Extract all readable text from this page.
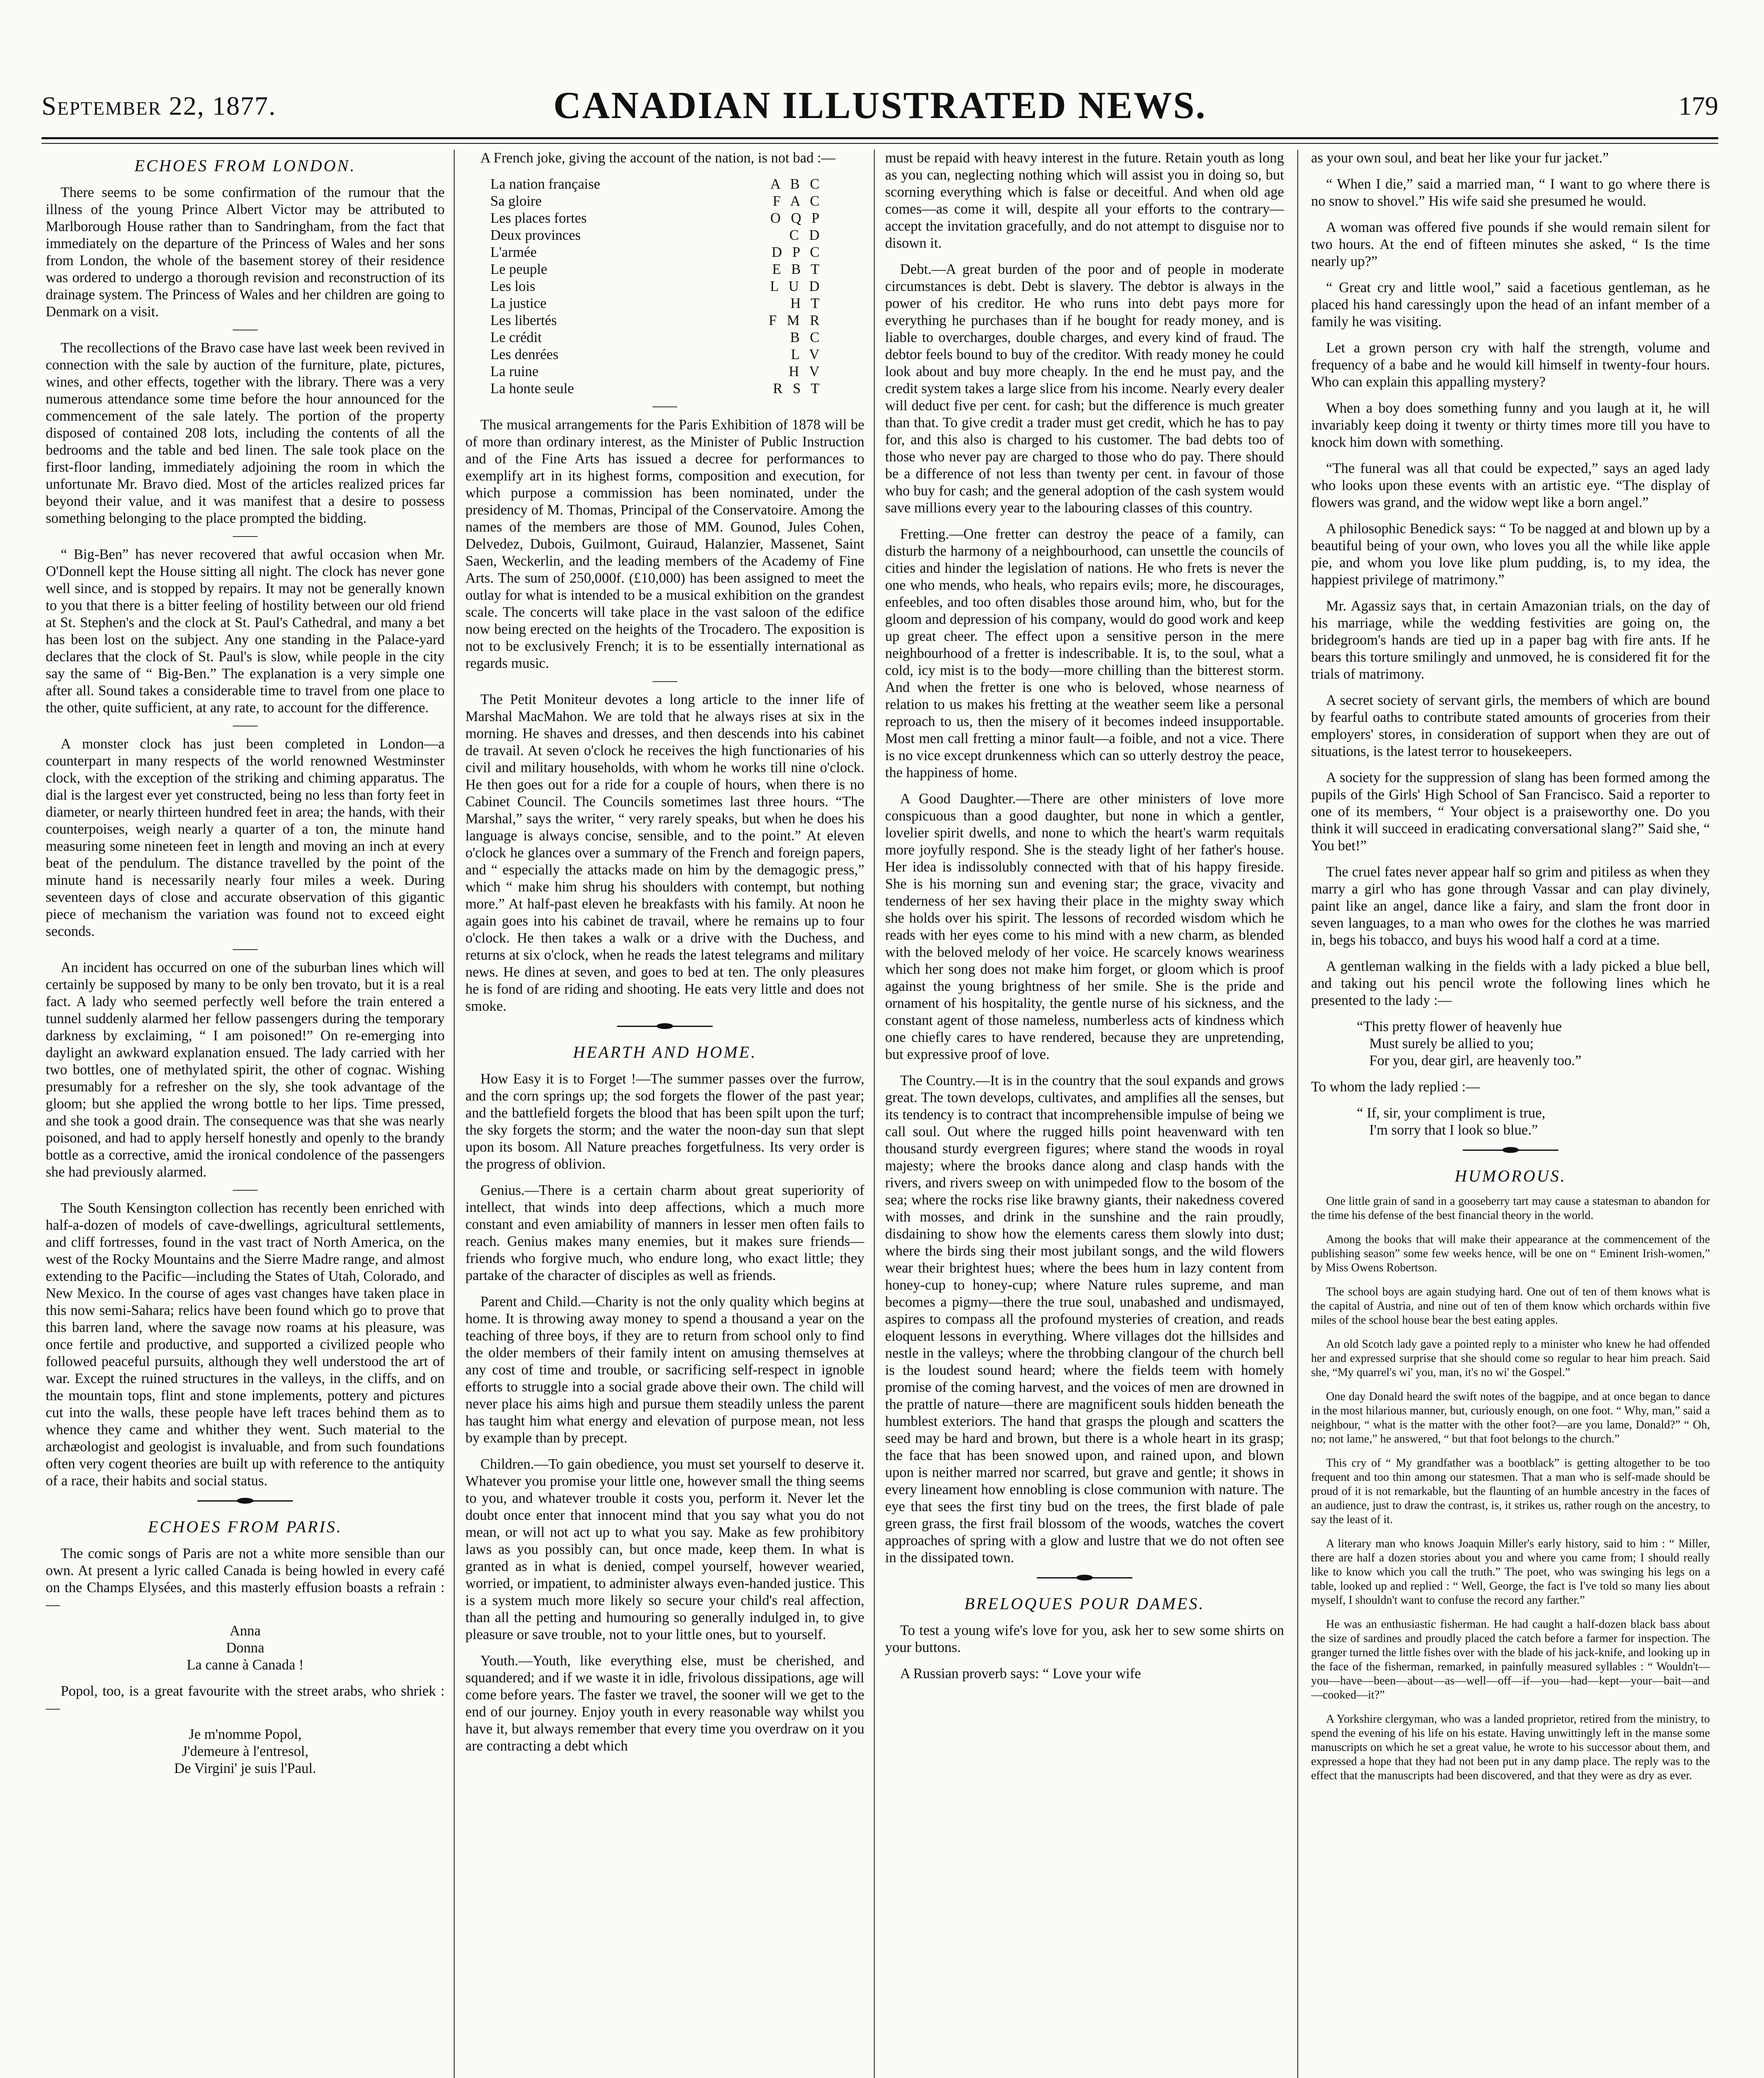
September 22, 1877.	CANADIAN ILLUSTRATED NEWS.	179
ECHOES FROM LONDON.

There seems to be some confirmation of the rumour that the illness of the young Prince Albert Victor may be attributed to Marlborough House rather than to Sandringham, from the fact that immediately on the departure of the Princess of Wales and her sons from London, the whole of the basement storey of their residence was ordered to undergo a thorough revision and reconstruction of its drainage system. The Princess of Wales and her children are going to Denmark on a visit.

The recollections of the Bravo case have last week been revived in connection with the sale by auction of the furniture, plate, pictures, wines, and other effects, together with the library. There was a very numerous attendance some time before the hour announced for the commencement of the sale lately. The portion of the property disposed of contained 208 lots, including the contents of all the bedrooms and the table and bed linen. The sale took place on the first-floor landing, immediately adjoining the room in which the unfortunate Mr. Bravo died. Most of the articles realized prices far beyond their value, and it was manifest that a desire to possess something belonging to the place prompted the bidding.

“ Big-Ben” has never recovered that awful occasion when Mr. O'Donnell kept the House sitting all night. The clock has never gone well since, and is stopped by repairs. It may not be generally known to you that there is a bitter feeling of hostility between our old friend at St. Stephen's and the clock at St. Paul's Cathedral, and many a bet has been lost on the subject. Any one standing in the Palace-yard declares that the clock of St. Paul's is slow, while people in the city say the same of “ Big-Ben.” The explanation is a very simple one after all. Sound takes a considerable time to travel from one place to the other, quite sufficient, at any rate, to account for the difference.

A monster clock has just been completed in London—a counterpart in many respects of the world renowned Westminster clock, with the exception of the striking and chiming apparatus. The dial is the largest ever yet constructed, being no less than forty feet in diameter, or nearly thirteen hundred feet in area; the hands, with their counterpoises, weigh nearly a quarter of a ton, the minute hand measuring some nineteen feet in length and moving an inch at every beat of the pendulum. The distance travelled by the point of the minute hand is necessarily nearly four miles a week. During seventeen days of close and accurate observation of this gigantic piece of mechanism the variation was found not to exceed eight seconds.

An incident has occurred on one of the suburban lines which will certainly be supposed by many to be only ben trovato, but it is a real fact. A lady who seemed perfectly well before the train entered a tunnel suddenly alarmed her fellow passengers during the temporary darkness by exclaiming, “ I am poisoned!” On re-emerging into daylight an awkward explanation ensued. The lady carried with her two bottles, one of methylated spirit, the other of cognac. Wishing presumably for a refresher on the sly, she took advantage of the gloom; but she applied the wrong bottle to her lips. Time pressed, and she took a good drain. The consequence was that she was nearly poisoned, and had to apply herself honestly and openly to the brandy bottle as a corrective, amid the ironical condolence of the passengers she had previously alarmed.

The South Kensington collection has recently been enriched with half-a-dozen of models of cave-dwellings, agricultural settlements, and cliff fortresses, found in the vast tract of North America, on the west of the Rocky Mountains and the Sierre Madre range, and almost extending to the Pacific—including the States of Utah, Colorado, and New Mexico. In the course of ages vast changes have taken place in this now semi-Sahara; relics have been found which go to prove that this barren land, where the savage now roams at his pleasure, was once fertile and productive, and supported a civilized people who followed peaceful pursuits, although they well understood the art of war. Except the ruined structures in the valleys, in the cliffs, and on the mountain tops, flint and stone implements, pottery and pictures cut into the walls, these people have left traces behind them as to whence they came and whither they went. Such material to the archæologist and geologist is invaluable, and from such foundations often very cogent theories are built up with reference to the antiquity of a race, their habits and social status.

ECHOES FROM PARIS.

The comic songs of Paris are not a white more sensible than our own. At present a lyric called Canada is being howled in every café on the Champs Elysées, and this masterly effusion boasts a refrain :—

Anna
Donna
La canne à Canada !

Popol, too, is a great favourite with the street arabs, who shriek :—

Je m'nomme Popol,
J'demeure à l'entresol,
De Virgini' je suis l'Paul.

A French joke, giving the account of the nation, is not bad :—

La nation française	A B C
Sa gloire	F A C
Les places fortes	O Q P
Deux provinces	C D
L'armée	D P C
Le peuple	E B T
Les lois	L U D
La justice	H T
Les libertés	F M R
Le crédit	B C
Les denrées	L V
La ruine	H V
La honte seule	R S T

The musical arrangements for the Paris Exhibition of 1878 will be of more than ordinary interest, as the Minister of Public Instruction and of the Fine Arts has issued a decree for performances to exemplify art in its highest forms, composition and execution, for which purpose a commission has been nominated, under the presidency of M. Thomas, Principal of the Conservatoire. Among the names of the members are those of MM. Gounod, Jules Cohen, Delvedez, Dubois, Guilmont, Guiraud, Halanzier, Massenet, Saint Saen, Weckerlin, and the leading members of the Academy of Fine Arts. The sum of 250,000f. (£10,000) has been assigned to meet the outlay for what is intended to be a musical exhibition on the grandest scale. The concerts will take place in the vast saloon of the edifice now being erected on the heights of the Trocadero. The exposition is not to be exclusively French; it is to be essentially international as regards music.

The Petit Moniteur devotes a long article to the inner life of Marshal MacMahon. We are told that he always rises at six in the morning. He shaves and dresses, and then descends into his cabinet de travail. At seven o'clock he receives the high functionaries of his civil and military households, with whom he works till nine o'clock. He then goes out for a ride for a couple of hours, when there is no Cabinet Council. The Councils sometimes last three hours. “The Marshal,” says the writer, “ very rarely speaks, but when he does his language is always concise, sensible, and to the point.” At eleven o'clock he glances over a summary of the French and foreign papers, and “ especially the attacks made on him by the demagogic press,” which “ make him shrug his shoulders with contempt, but nothing more.” At half-past eleven he breakfasts with his family. At noon he again goes into his cabinet de travail, where he remains up to four o'clock. He then takes a walk or a drive with the Duchess, and returns at six o'clock, when he reads the latest telegrams and military news. He dines at seven, and goes to bed at ten. The only pleasures he is fond of are riding and shooting. He eats very little and does not smoke.

HEARTH AND HOME.

How Easy it is to Forget !—The summer passes over the furrow, and the corn springs up; the sod forgets the flower of the past year; and the battlefield forgets the blood that has been spilt upon the turf; the sky forgets the storm; and the water the noon-day sun that slept upon its bosom. All Nature preaches forgetfulness. Its very order is the progress of oblivion.

Genius.—There is a certain charm about great superiority of intellect, that winds into deep affections, which a much more constant and even amiability of manners in lesser men often fails to reach. Genius makes many enemies, but it makes sure friends—friends who forgive much, who endure long, who exact little; they partake of the character of disciples as well as friends.

Parent and Child.—Charity is not the only quality which begins at home. It is throwing away money to spend a thousand a year on the teaching of three boys, if they are to return from school only to find the older members of their family intent on amusing themselves at any cost of time and trouble, or sacrificing self-respect in ignoble efforts to struggle into a social grade above their own. The child will never place his aims high and pursue them steadily unless the parent has taught him what energy and elevation of purpose mean, not less by example than by precept.

Children.—To gain obedience, you must set yourself to deserve it. Whatever you promise your little one, however small the thing seems to you, and whatever trouble it costs you, perform it. Never let the doubt once enter that innocent mind that you say what you do not mean, or will not act up to what you say. Make as few prohibitory laws as you possibly can, but once made, keep them. In what is granted as in what is denied, compel yourself, however wearied, worried, or impatient, to administer always even-handed justice. This is a system much more likely so secure your child's real affection, than all the petting and humouring so generally indulged in, to give pleasure or save trouble, not to your little ones, but to yourself.

Youth.—Youth, like everything else, must be cherished, and squandered; and if we waste it in idle, frivolous dissipations, age will come before years. The faster we travel, the sooner will we get to the end of our journey. Enjoy youth in every reasonable way whilst you have it, but always remember that every time you overdraw on it you are contracting a debt which

must be repaid with heavy interest in the future. Retain youth as long as you can, neglecting nothing which will assist you in doing so, but scorning everything which is false or deceitful. And when old age comes—as come it will, despite all your efforts to the contrary—accept the invitation gracefully, and do not attempt to disguise nor to disown it.

Debt.—A great burden of the poor and of people in moderate circumstances is debt. Debt is slavery. The debtor is always in the power of his creditor. He who runs into debt pays more for everything he purchases than if he bought for ready money, and is liable to overcharges, double charges, and every kind of fraud. The debtor feels bound to buy of the creditor. With ready money he could look about and buy more cheaply. In the end he must pay, and the credit system takes a large slice from his income. Nearly every dealer will deduct five per cent. for cash; but the difference is much greater than that. To give credit a trader must get credit, which he has to pay for, and this also is charged to his customer. The bad debts too of those who never pay are charged to those who do pay. There should be a difference of not less than twenty per cent. in favour of those who buy for cash; and the general adoption of the cash system would save millions every year to the labouring classes of this country.

Fretting.—One fretter can destroy the peace of a family, can disturb the harmony of a neighbourhood, can unsettle the councils of cities and hinder the legislation of nations. He who frets is never the one who mends, who heals, who repairs evils; more, he discourages, enfeebles, and too often disables those around him, who, but for the gloom and depression of his company, would do good work and keep up great cheer. The effect upon a sensitive person in the mere neighbourhood of a fretter is indescribable. It is, to the soul, what a cold, icy mist is to the body—more chilling than the bitterest storm. And when the fretter is one who is beloved, whose nearness of relation to us makes his fretting at the weather seem like a personal reproach to us, then the misery of it becomes indeed insupportable. Most men call fretting a minor fault—a foible, and not a vice. There is no vice except drunkenness which can so utterly destroy the peace, the happiness of home.

A Good Daughter.—There are other ministers of love more conspicuous than a good daughter, but none in which a gentler, lovelier spirit dwells, and none to which the heart's warm requitals more joyfully respond. She is the steady light of her father's house. Her idea is indissolubly connected with that of his happy fireside. She is his morning sun and evening star; the grace, vivacity and tenderness of her sex having their place in the mighty sway which she holds over his spirit. The lessons of recorded wisdom which he reads with her eyes come to his mind with a new charm, as blended with the beloved melody of her voice. He scarcely knows weariness which her song does not make him forget, or gloom which is proof against the young brightness of her smile. She is the pride and ornament of his hospitality, the gentle nurse of his sickness, and the constant agent of those nameless, numberless acts of kindness which one chiefly cares to have rendered, because they are unpretending, but expressive proof of love.

The Country.—It is in the country that the soul expands and grows great. The town develops, cultivates, and amplifies all the senses, but its tendency is to contract that incomprehensible impulse of being we call soul. Out where the rugged hills point heavenward with ten thousand sturdy evergreen figures; where stand the woods in royal majesty; where the brooks dance along and clasp hands with the rivers, and rivers sweep on with unimpeded flow to the bosom of the sea; where the rocks rise like brawny giants, their nakedness covered with mosses, and drink in the sunshine and the rain proudly, disdaining to show how the elements caress them slowly into dust; where the birds sing their most jubilant songs, and the wild flowers wear their brightest hues; where the bees hum in lazy content from honey-cup to honey-cup; where Nature rules supreme, and man becomes a pigmy—there the true soul, unabashed and undismayed, aspires to compass all the profound mysteries of creation, and reads eloquent lessons in everything. Where villages dot the hillsides and nestle in the valleys; where the throbbing clangour of the church bell is the loudest sound heard; where the fields teem with homely promise of the coming harvest, and the voices of men are drowned in the prattle of nature—there are magnificent souls hidden beneath the humblest exteriors. The hand that grasps the plough and scatters the seed may be hard and brown, but there is a whole heart in its grasp; the face that has been snowed upon, and rained upon, and blown upon is neither marred nor scarred, but grave and gentle; it shows in every lineament how ennobling is close communion with nature. The eye that sees the first tiny bud on the trees, the first blade of pale green grass, the first frail blossom of the woods, watches the covert approaches of spring with a glow and lustre that we do not often see in the dissipated town.

BRELOQUES POUR DAMES.

To test a young wife's love for you, ask her to sew some shirts on your buttons.

A Russian proverb says: “ Love your wife

as your own soul, and beat her like your fur jacket.”

“ When I die,” said a married man, “ I want to go where there is no snow to shovel.” His wife said she presumed he would.

A woman was offered five pounds if she would remain silent for two hours. At the end of fifteen minutes she asked, “ Is the time nearly up?”

“ Great cry and little wool,” said a facetious gentleman, as he placed his hand caressingly upon the head of an infant member of a family he was visiting.

Let a grown person cry with half the strength, volume and frequency of a babe and he would kill himself in twenty-four hours. Who can explain this appalling mystery?

When a boy does something funny and you laugh at it, he will invariably keep doing it twenty or thirty times more till you have to knock him down with something.

“The funeral was all that could be expected,” says an aged lady who looks upon these events with an artistic eye. “The display of flowers was grand, and the widow wept like a born angel.”

A philosophic Benedick says: “ To be nagged at and blown up by a beautiful being of your own, who loves you all the while like apple pie, and whom you love like plum pudding, is, to my idea, the happiest privilege of matrimony.”

Mr. Agassiz says that, in certain Amazonian trials, on the day of his marriage, while the wedding festivities are going on, the bridegroom's hands are tied up in a paper bag with fire ants. If he bears this torture smilingly and unmoved, he is considered fit for the trials of matrimony.

A secret society of servant girls, the members of which are bound by fearful oaths to contribute stated amounts of groceries from their employers' stores, in consideration of support when they are out of situations, is the latest terror to housekeepers.

A society for the suppression of slang has been formed among the pupils of the Girls' High School of San Francisco. Said a reporter to one of its members, “ Your object is a praiseworthy one. Do you think it will succeed in eradicating conversational slang?” Said she, “ You bet!”

The cruel fates never appear half so grim and pitiless as when they marry a girl who has gone through Vassar and can play divinely, paint like an angel, dance like a fairy, and slam the front door in seven languages, to a man who owes for the clothes he was married in, begs his tobacco, and buys his wood half a cord at a time.

A gentleman walking in the fields with a lady picked a blue bell, and taking out his pencil wrote the following lines which he presented to the lady :—

“This pretty flower of heavenly hue
Must surely be allied to you;
For you, dear girl, are heavenly too.”

To whom the lady replied :—

“ If, sir, your compliment is true,
I'm sorry that I look so blue.”
HUMOROUS.

One little grain of sand in a gooseberry tart may cause a statesman to abandon for the time his defense of the best financial theory in the world.

Among the books that will make their appearance at the commencement of the publishing season” some few weeks hence, will be one on “ Eminent Irish-women,” by Miss Owens Robertson.

The school boys are again studying hard. One out of ten of them knows what is the capital of Austria, and nine out of ten of them know which orchards within five miles of the school house bear the best eating apples.

An old Scotch lady gave a pointed reply to a minister who knew he had offended her and expressed surprise that she should come so regular to hear him preach. Said she, “My quarrel's wi' you, man, it's no wi' the Gospel.”

One day Donald heard the swift notes of the bagpipe, and at once began to dance in the most hilarious manner, but, curiously enough, on one foot. “ Why, man,” said a neighbour, “ what is the matter with the other foot?—are you lame, Donald?” “ Oh, no; not lame,” he answered, “ but that foot belongs to the church.”

This cry of “ My grandfather was a bootblack” is getting altogether to be too frequent and too thin among our statesmen. That a man who is self-made should be proud of it is not remarkable, but the flaunting of an humble ancestry in the faces of an audience, just to draw the contrast, is, it strikes us, rather rough on the ancestry, to say the least of it.

A literary man who knows Joaquin Miller's early history, said to him : “ Miller, there are half a dozen stories about you and where you came from; I should really like to know which you call the truth.” The poet, who was swinging his legs on a table, looked up and replied : “ Well, George, the fact is I've told so many lies about myself, I shouldn't want to confuse the record any farther.”

He was an enthusiastic fisherman. He had caught a half-dozen black bass about the size of sardines and proudly placed the catch before a farmer for inspection. The granger turned the little fishes over with the blade of his jack-knife, and looking up in the face of the fisherman, remarked, in painfully measured syllables : “ Wouldn't—you—have—been—about—as—well—off—if—you—had—kept—your—bait—and—cooked—it?”

A Yorkshire clergyman, who was a landed proprietor, retired from the ministry, to spend the evening of his life on his estate. Having unwittingly left in the manse some manuscripts on which he set a great value, he wrote to his successor about them, and expressed a hope that they had not been put in any damp place. The reply was to the effect that the manuscripts had been discovered, and that they were as dry as ever.
